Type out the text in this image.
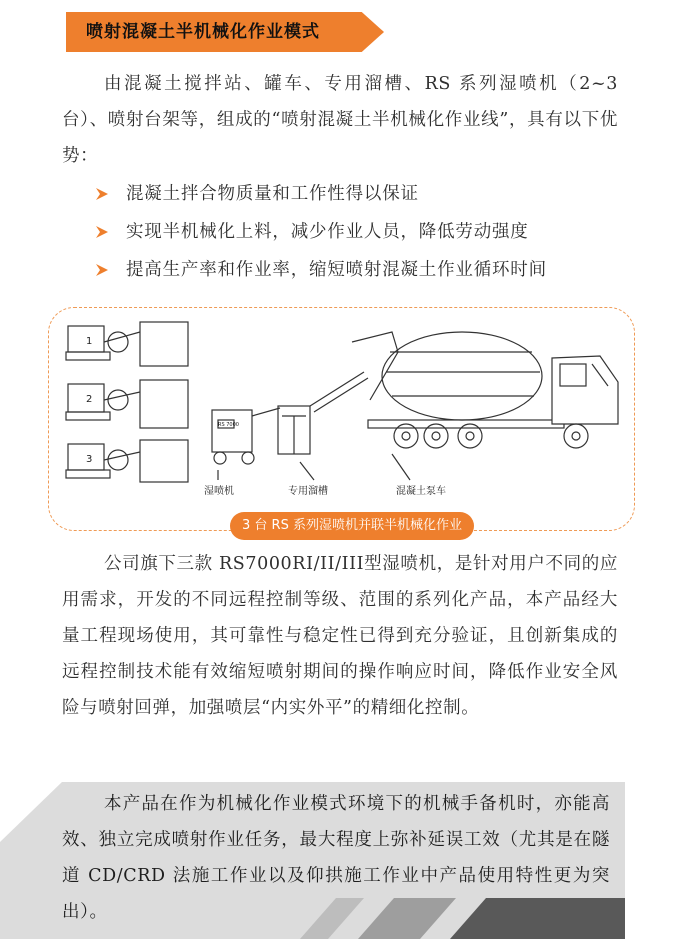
喷射混凝土半机械化作业模式

由混凝土搅拌站、罐车、专用溜槽、RS 系列湿喷机（2~3台）、喷射台架等，组成的“喷射混凝土半机械化作业线”，具有以下优势：

混凝土拌合物质量和工作性得以保证
实现半机械化上料，减少作业人员，降低劳动强度
提高生产率和作业率，缩短喷射混凝土作业循环时间
1
2
3
RS 7000
湿喷机	专用溜槽	混凝土泵车
3 台 RS 系列湿喷机并联半机械化作业

公司旗下三款 RS7000RI/II/III型湿喷机，是针对用户不同的应用需求，开发的不同远程控制等级、范围的系列化产品，本产品经大量工程现场使用，其可靠性与稳定性已得到充分验证，且创新集成的远程控制技术能有效缩短喷射期间的操作响应时间，降低作业安全风险与喷射回弹，加强喷层“内实外平”的精细化控制。

本产品在作为机械化作业模式环境下的机械手备机时，亦能高效、独立完成喷射作业任务，最大程度上弥补延误工效（尤其是在隧道 CD/CRD 法施工作业以及仰拱施工作业中产品使用特性更为突出）。
